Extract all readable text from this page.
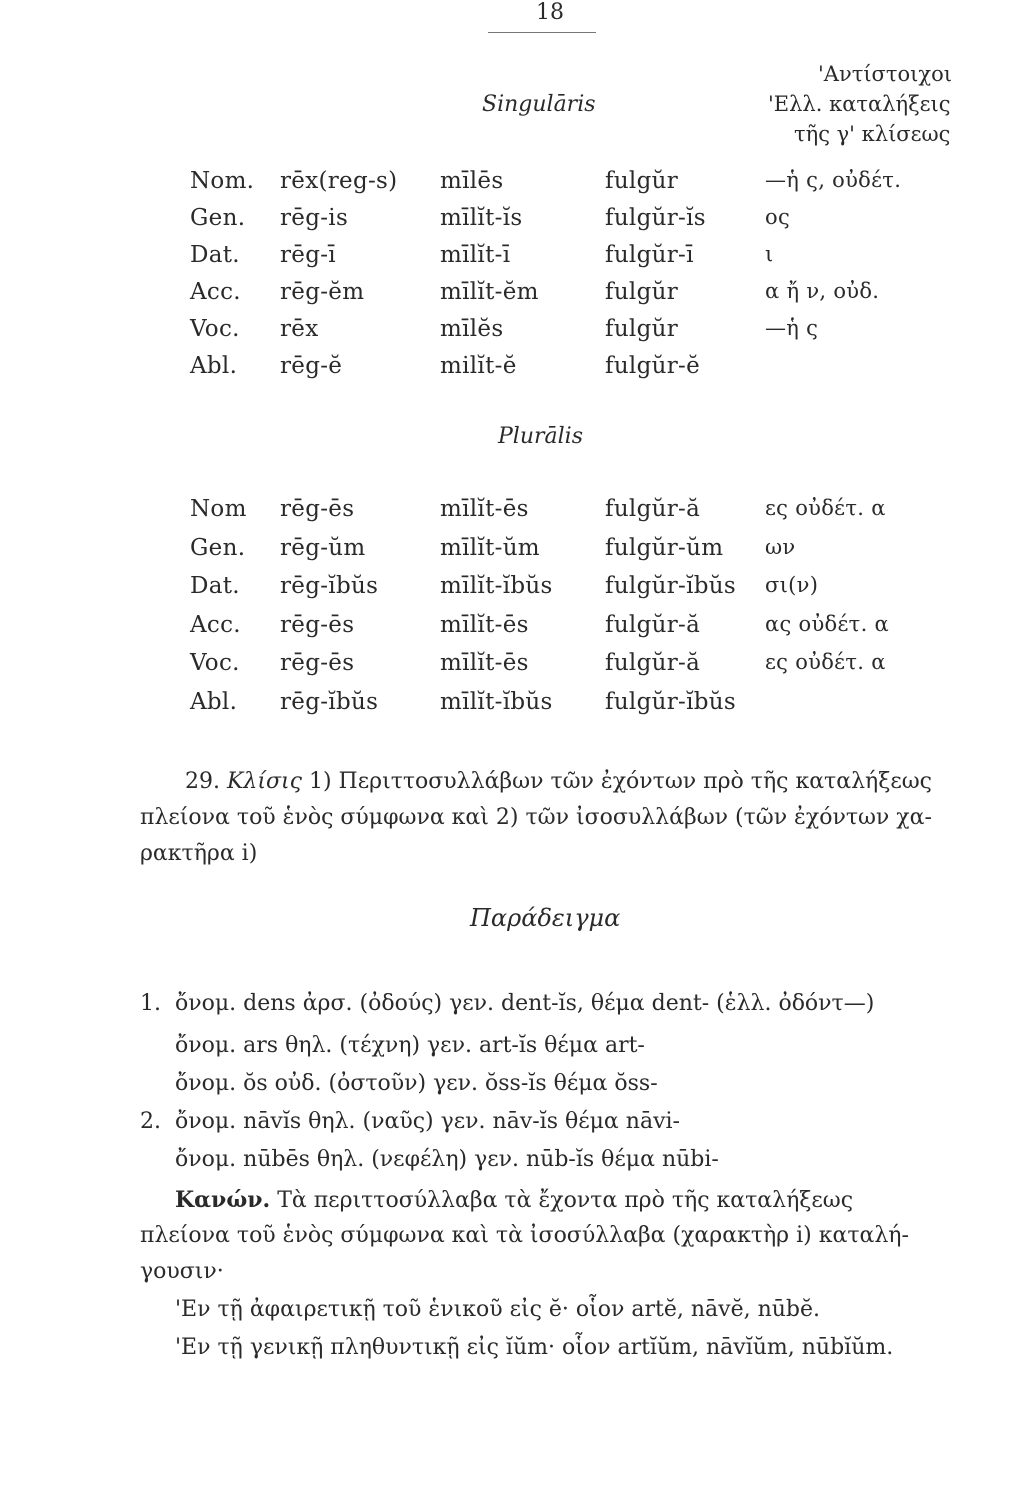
18
Singulāris
'Αντίστοιχοι
'Ελλ. καταλήξεις
τῆς γ' κλίσεως
Nom. rēx(reg-s) mīlēs	fulgŭr	—ἡ ς, οὐδέτ.
Gen. rēg-is	mīlĭt-ĭs	fulgŭr-ĭs	ος
Dat. rēg-ī	mīlĭt-ī	fulgŭr-ī	ι
Acc. rēg-ĕm	mīlĭt-ĕm	fulgŭr	α ἤ ν, οὐδ.
Voc. rēx	mīlĕs	fulgŭr	—ἡ ς
Abl. rēg-ĕ	milĭt-ĕ	fulgŭr-ĕ
Plurālis
Nom rēg-ēs	mīlĭt-ēs	fulgŭr-ă	ες οὐδέτ. α
Gen. rēg-ŭm	mīlĭt-ŭm	fulgŭr-ŭm ων
Dat. rēg-ĭbŭs	mīlĭt-ĭbŭs fulgŭr-ĭbŭs σι(ν)
Acc. rēg-ēs	mīlĭt-ēs	fulgŭr-ă	ας οὐδέτ. α
Voc. rēg-ēs	mīlĭt-ēs	fulgŭr-ă	ες οὐδέτ. α
Abl. rēg-ĭbŭs	mīlĭt-ĭbŭs fulgŭr-ĭbŭs
29. Κλίσις 1) Περιττοσυλλάβων τῶν ἐχόντων πρὸ τῆς καταλήξεως
πλείονα τοῦ ἑνὸς σύμφωνα καὶ 2) τῶν ἰσοσυλλάβων (τῶν ἐχόντων χα-
ρακτῆρα i)
Παράδειγμα
1. ὄνομ. dens ἀρσ. (ὀδούς) γεν. dent-ĭs, θέμα dent- (ἑλλ. ὀδόντ—)
ὄνομ. ars θηλ. (τέχνη) γεν. art-ĭs θέμα art-
ὄνομ. ŏs οὐδ. (ὀστοῦν) γεν. ŏss-ĭs θέμα ŏss-
2. ὄνομ. nāvĭs θηλ. (ναῦς) γεν. nāv-ĭs θέμα nāvi-
ὄνομ. nūbēs θηλ. (νεφέλη) γεν. nūb-ĭs θέμα nūbi-
Κανών. Τὰ περιττοσύλλαβα τὰ ἔχοντα πρὸ τῆς καταλήξεως
πλείονα τοῦ ἑνὸς σύμφωνα καὶ τὰ ἰσοσύλλαβα (χαρακτὴρ i) καταλή-
γουσιν·
'Εν τῇ ἀφαιρετικῇ τοῦ ἑνικοῦ εἰς ĕ· οἷον artĕ, nāvĕ, nūbĕ.
'Εν τῇ γενικῇ πληθυντικῇ εἰς ĭŭm· οἷον artĭŭm, nāvĭŭm, nūbĭŭm.
